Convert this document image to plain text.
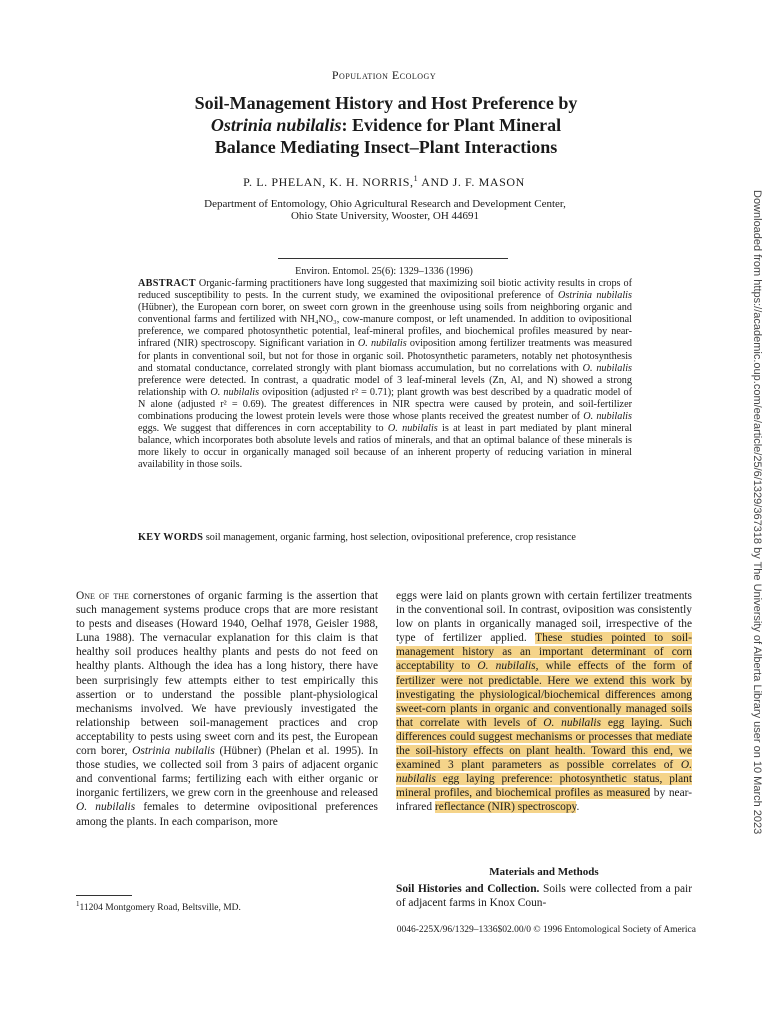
Population Ecology
Soil-Management History and Host Preference by
Ostrinia nubilalis: Evidence for Plant Mineral
Balance Mediating Insect–Plant Interactions
P. L. PHELAN, K. H. NORRIS,$^1$ AND J. F. MASON
Department of Entomology, Ohio Agricultural Research and Development Center,
Ohio State University, Wooster, OH 44691
Environ. Entomol. 25(6): 1329–1336 (1996)
ABSTRACT Organic-farming practitioners have long suggested that maximizing soil biotic activity results in crops of reduced susceptibility to pests. In the current study, we examined the ovipositional preference of Ostrinia nubilalis (Hübner), the European corn borer, on sweet corn grown in the greenhouse using soils from neighboring organic and conventional farms and fertilized with NH₄NO₃, cow-manure compost, or left unamended. In addition to ovipositional preference, we compared photosynthetic potential, leaf-mineral profiles, and biochemical profiles measured by near-infrared (NIR) spectroscopy. Significant variation in O. nubilalis oviposition among fertilizer treatments was measured for plants in conventional soil, but not for those in organic soil. Photosynthetic parameters, notably net photosynthesis and stomatal conductance, correlated strongly with plant biomass accumulation, but no correlations with O. nubilalis preference were detected. In contrast, a quadratic model of 3 leaf-mineral levels (Zn, Al, and N) showed a strong relationship with O. nubilalis oviposition (adjusted r² = 0.71); plant growth was best described by a quadratic model of N alone (adjusted r² = 0.69). The greatest differences in NIR spectra were caused by protein, and soil-fertilizer combinations producing the lowest protein levels were those whose plants received the greatest number of O. nubilalis eggs. We suggest that differences in corn acceptability to O. nubilalis is at least in part mediated by plant mineral balance, which incorporates both absolute levels and ratios of minerals, and that an optimal balance of these minerals is more likely to occur in organically managed soil because of an inherent property of reducing variation in mineral availability in those soils.
KEY WORDS soil management, organic farming, host selection, ovipositional preference, crop resistance
One of the cornerstones of organic farming is the assertion that such management systems produce crops that are more resistant to pests and diseases (Howard 1940, Oelhaf 1978, Geisler 1988, Luna 1988). The vernacular explanation for this claim is that healthy soil produces healthy plants and pests do not feed on healthy plants. Although the idea has a long history, there have been surprisingly few attempts either to test empirically this assertion or to understand the possible plant-physiological mechanisms involved. We have previously investigated the relationship between soil-management practices and crop acceptability to pests using sweet corn and its pest, the European corn borer, Ostrinia nubilalis (Hübner) (Phelan et al. 1995). In those studies, we collected soil from 3 pairs of adjacent organic and conventional farms; fertilizing each with either organic or inorganic fertilizers, we grew corn in the greenhouse and released O. nubilalis females to determine ovipositional preferences among the plants. In each comparison, more
eggs were laid on plants grown with certain fertilizer treatments in the conventional soil. In contrast, oviposition was consistently low on plants in organically managed soil, irrespective of the type of fertilizer applied. These studies pointed to soil-management history as an important determinant of corn acceptability to O. nubilalis, while effects of the form of fertilizer were not predictable. Here we extend this work by investigating the physiological/biochemical differences among sweet-corn plants in organic and conventionally managed soils that correlate with levels of O. nubilalis egg laying. Such differences could suggest mechanisms or processes that mediate the soil-history effects on plant health. Toward this end, we examined 3 plant parameters as possible correlates of O. nubilalis egg laying preference: photosynthetic status, plant mineral profiles, and biochemical profiles as measured by near-infrared reflectance (NIR) spectroscopy.
Materials and Methods
Soil Histories and Collection. Soils were collected from a pair of adjacent farms in Knox Coun-
$^1$11204 Montgomery Road, Beltsville, MD.
0046-225X/96/1329–1336$02.00/0 © 1996 Entomological Society of America
Downloaded from https://academic.oup.com/ee/article/25/6/1329/367318 by The University of Alberta Library user on 10 March 2023
